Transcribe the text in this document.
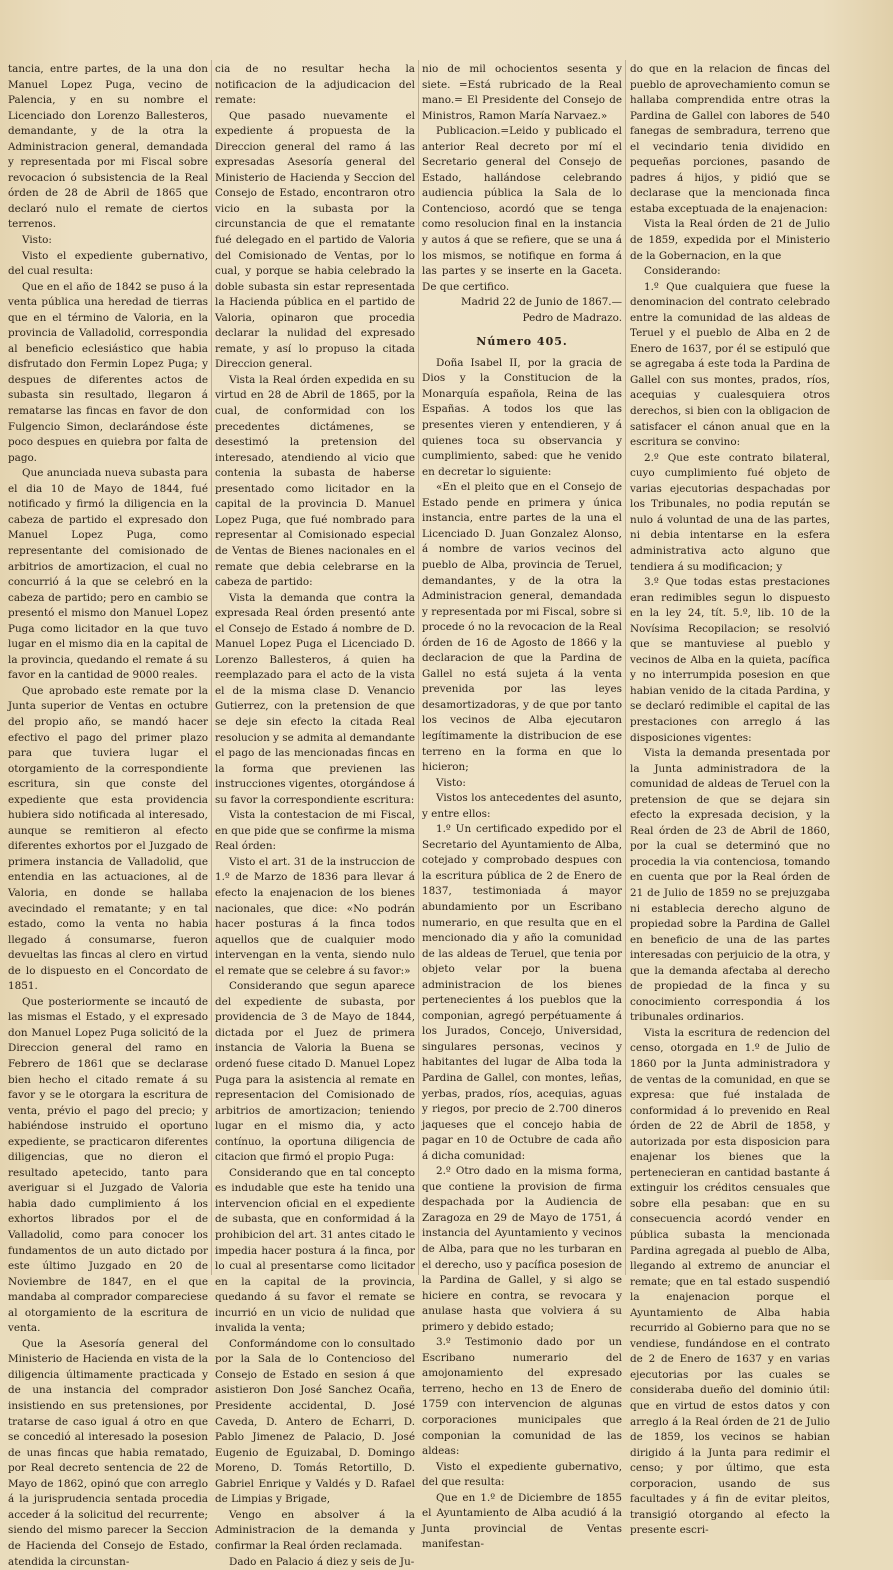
tancia, entre partes, de la una don Manuel Lopez Puga, vecino de Palencia, y en su nombre el Licenciado don Lorenzo Ballesteros, demandante, y de la otra la Administracion general, demandada y representada por mi Fiscal sobre revocacion ó subsistencia de la Real órden de 28 de Abril de 1865 que declaró nulo el remate de ciertos terrenos.

Visto:

Visto el expediente gubernativo, del cual resulta:

Que en el año de 1842 se puso á la venta pública una heredad de tierras que en el término de Valoria, en la provincia de Valladolid, correspondia al beneficio eclesiástico que habia disfrutado don Fermin Lopez Puga; y despues de diferentes actos de subasta sin resultado, llegaron á rematarse las fincas en favor de don Fulgencio Simon, declarándose éste poco despues en quiebra por falta de pago.

Que anunciada nueva subasta para el dia 10 de Mayo de 1844, fué notificado y firmó la diligencia en la cabeza de partido el expresado don Manuel Lopez Puga, como representante del comisionado de arbitrios de amortizacion, el cual no concurrió á la que se celebró en la cabeza de partido; pero en cambio se presentó el mismo don Manuel Lopez Puga como licitador en la que tuvo lugar en el mismo dia en la capital de la provincia, quedando el remate á su favor en la cantidad de 9000 reales.

Que aprobado este remate por la Junta superior de Ventas en octubre del propio año, se mandó hacer efectivo el pago del primer plazo para que tuviera lugar el otorgamiento de la correspondiente escritura, sin que conste del expediente que esta providencia hubiera sido notificada al interesado, aunque se remitieron al efecto diferentes exhortos por el Juzgado de primera instancia de Valladolid, que entendia en las actuaciones, al de Valoria, en donde se hallaba avecindado el rematante; y en tal estado, como la venta no habia llegado á consumarse, fueron devueltas las fincas al clero en virtud de lo dispuesto en el Concordato de 1851.

Que posteriormente se incautó de las mismas el Estado, y el expresado don Manuel Lopez Puga solicitó de la Direccion general del ramo en Febrero de 1861 que se declarase bien hecho el citado remate á su favor y se le otorgara la escritura de venta, prévio el pago del precio; y habiéndose instruido el oportuno expediente, se practicaron diferentes diligencias, que no dieron el resultado apetecido, tanto para averiguar si el Juzgado de Valoria habia dado cumplimiento á los exhortos librados por el de Valladolid, como para conocer los fundamentos de un auto dictado por este último Juzgado en 20 de Noviembre de 1847, en el que mandaba al comprador compareciese al otorgamiento de la escritura de venta.

Que la Asesoría general del Ministerio de Hacienda en vista de la diligencia últimamente practicada y de una instancia del comprador insistiendo en sus pretensiones, por tratarse de caso igual á otro en que se concedió al interesado la posesion de unas fincas que habia rematado, por Real decreto sentencia de 22 de Mayo de 1862, opinó que con arreglo á la jurisprudencia sentada procedia acceder á la solicitud del recurrente; siendo del mismo parecer la Seccion de Hacienda del Consejo de Estado, atendida la circunstan-

cia de no resultar hecha la notificacion de la adjudicacion del remate:

Que pasado nuevamente el expediente á propuesta de la Direccion general del ramo á las expresadas Asesoría general del Ministerio de Hacienda y Seccion del Consejo de Estado, encontraron otro vicio en la subasta por la circunstancia de que el rematante fué delegado en el partido de Valoria del Comisionado de Ventas, por lo cual, y porque se habia celebrado la doble subasta sin estar representada la Hacienda pública en el partido de Valoria, opinaron que procedia declarar la nulidad del expresado remate, y así lo propuso la citada Direccion general.

Vista la Real órden expedida en su virtud en 28 de Abril de 1865, por la cual, de conformidad con los precedentes dictámenes, se desestimó la pretension del interesado, atendiendo al vicio que contenia la subasta de haberse presentado como licitador en la capital de la provincia D. Manuel Lopez Puga, que fué nombrado para representar al Comisionado especial de Ventas de Bienes nacionales en el remate que debia celebrarse en la cabeza de partido:

Vista la demanda que contra la expresada Real órden presentó ante el Consejo de Estado á nombre de D. Manuel Lopez Puga el Licenciado D. Lorenzo Ballesteros, á quien ha reemplazado para el acto de la vista el de la misma clase D. Venancio Gutierrez, con la pretension de que se deje sin efecto la citada Real resolucion y se admita al demandante el pago de las mencionadas fincas en la forma que previenen las instrucciones vigentes, otorgándose á su favor la correspondiente escritura:

Vista la contestacion de mi Fiscal, en que pide que se confirme la misma Real órden:

Visto el art. 31 de la instruccion de 1.º de Marzo de 1836 para llevar á efecto la enajenacion de los bienes nacionales, que dice: «No podrán hacer posturas á la finca todos aquellos que de cualquier modo intervengan en la venta, siendo nulo el remate que se celebre á su favor:»

Considerando que segun aparece del expediente de subasta, por providencia de 3 de Mayo de 1844, dictada por el Juez de primera instancia de Valoria la Buena se ordenó fuese citado D. Manuel Lopez Puga para la asistencia al remate en representacion del Comisionado de arbitrios de amortizacion; teniendo lugar en el mismo dia, y acto contínuo, la oportuna diligencia de citacion que firmó el propio Puga:

Considerando que en tal concepto es indudable que este ha tenido una intervencion oficial en el expediente de subasta, que en conformidad á la prohibicion del art. 31 antes citado le impedia hacer postura á la finca, por lo cual al presentarse como licitador en la capital de la provincia, quedando á su favor el remate se incurrió en un vicio de nulidad que invalida la venta;

Conformándome con lo consultado por la Sala de lo Contencioso del Consejo de Estado en sesion á que asistieron Don José Sanchez Ocaña, Presidente accidental, D. José Caveda, D. Antero de Echarri, D. Pablo Jimenez de Palacio, D. José Eugenio de Eguizabal, D. Domingo Moreno, D. Tomás Retortillo, D. Gabriel Enrique y Valdés y D. Rafael de Limpias y Brigade,

Vengo en absolver á la Administracion de la demanda y confirmar la Real órden reclamada.

Dado en Palacio á diez y seis de Ju-

nio de mil ochocientos sesenta y siete. =Está rubricado de la Real mano.= El Presidente del Consejo de Ministros, Ramon María Narvaez.»

Publicacion.=Leido y publicado el anterior Real decreto por mí el Secretario general del Consejo de Estado, hallándose celebrando audiencia pública la Sala de lo Contencioso, acordó que se tenga como resolucion final en la instancia y autos á que se refiere, que se una á los mismos, se notifique en forma á las partes y se inserte en la Gaceta. De que certifico.

Madrid 22 de Junio de 1867.—Pedro de Madrazo.

Número 405.

Doña Isabel II, por la gracia de Dios y la Constitucion de la Monarquía española, Reina de las Españas. A todos los que las presentes vieren y entendieren, y á quienes toca su observancia y cumplimiento, sabed: que he venido en decretar lo siguiente:

«En el pleito que en el Consejo de Estado pende en primera y única instancia, entre partes de la una el Licenciado D. Juan Gonzalez Alonso, á nombre de varios vecinos del pueblo de Alba, provincia de Teruel, demandantes, y de la otra la Administracion general, demandada y representada por mi Fiscal, sobre si procede ó no la revocacion de la Real órden de 16 de Agosto de 1866 y la declaracion de que la Pardina de Gallel no está sujeta á la venta prevenida por las leyes desamortizadoras, y de que por tanto los vecinos de Alba ejecutaron legítimamente la distribucion de ese terreno en la forma en que lo hicieron;

Visto:

Vistos los antecedentes del asunto, y entre ellos:

1.º Un certificado expedido por el Secretario del Ayuntamiento de Alba, cotejado y comprobado despues con la escritura pública de 2 de Enero de 1837, testimoniada á mayor abundamiento por un Escribano numerario, en que resulta que en el mencionado dia y año la comunidad de las aldeas de Teruel, que tenia por objeto velar por la buena administracion de los bienes pertenecientes á los pueblos que la componian, agregó perpétuamente á los Jurados, Concejo, Universidad, singulares personas, vecinos y habitantes del lugar de Alba toda la Pardina de Gallel, con montes, leñas, yerbas, prados, ríos, acequias, aguas y riegos, por precio de 2.700 dineros jaqueses que el concejo habia de pagar en 10 de Octubre de cada año á dicha comunidad:

2.º Otro dado en la misma forma, que contiene la provision de firma despachada por la Audiencia de Zaragoza en 29 de Mayo de 1751, á instancia del Ayuntamiento y vecinos de Alba, para que no les turbaran en el derecho, uso y pacífica posesion de la Pardina de Gallel, y si algo se hiciere en contra, se revocara y anulase hasta que volviera á su primero y debido estado;

3.º Testimonio dado por un Escribano numerario del amojonamiento del expresado terreno, hecho en 13 de Enero de 1759 con intervencion de algunas corporaciones municipales que componian la comunidad de las aldeas:

Visto el expediente gubernativo, del que resulta:

Que en 1.º de Diciembre de 1855 el Ayuntamiento de Alba acudió á la Junta provincial de Ventas manifestan-

do que en la relacion de fincas del pueblo de aprovechamiento comun se hallaba comprendida entre otras la Pardina de Gallel con labores de 540 fanegas de sembradura, terreno que el vecindario tenia dividido en pequeñas porciones, pasando de padres á hijos, y pidió que se declarase que la mencionada finca estaba exceptuada de la enajenacion:

Vista la Real órden de 21 de Julio de 1859, expedida por el Ministerio de la Gobernacion, en la que

Considerando:

1.º Que cualquiera que fuese la denominacion del contrato celebrado entre la comunidad de las aldeas de Teruel y el pueblo de Alba en 2 de Enero de 1637, por él se estipuló que se agregaba á este toda la Pardina de Gallel con sus montes, prados, ríos, acequias y cualesquiera otros derechos, si bien con la obligacion de satisfacer el cánon anual que en la escritura se convino:

2.º Que este contrato bilateral, cuyo cumplimiento fué objeto de varias ejecutorias despachadas por los Tribunales, no podia repután se nulo á voluntad de una de las partes, ni debia intentarse en la esfera administrativa acto alguno que tendiera á su modificacion; y

3.º Que todas estas prestaciones eran redimibles segun lo dispuesto en la ley 24, tít. 5.º, lib. 10 de la Novísima Recopilacion; se resolvió que se mantuviese al pueblo y vecinos de Alba en la quieta, pacífica y no interrumpida posesion en que habian venido de la citada Pardina, y se declaró redimible el capital de las prestaciones con arreglo á las disposiciones vigentes:

Vista la demanda presentada por la Junta administradora de la comunidad de aldeas de Teruel con la pretension de que se dejara sin efecto la expresada decision, y la Real órden de 23 de Abril de 1860, por la cual se determinó que no procedia la via contenciosa, tomando en cuenta que por la Real órden de 21 de Julio de 1859 no se prejuzgaba ni establecia derecho alguno de propiedad sobre la Pardina de Gallel en beneficio de una de las partes interesadas con perjuicio de la otra, y que la demanda afectaba al derecho de propiedad de la finca y su conocimiento correspondia á los tribunales ordinarios.

Vista la escritura de redencion del censo, otorgada en 1.º de Julio de 1860 por la Junta administradora y de ventas de la comunidad, en que se expresa: que fué instalada de conformidad á lo prevenido en Real órden de 22 de Abril de 1858, y autorizada por esta disposicion para enajenar los bienes que la pertenecieran en cantidad bastante á extinguir los créditos censuales que sobre ella pesaban: que en su consecuencia acordó vender en pública subasta la mencionada Pardina agregada al pueblo de Alba, llegando al extremo de anunciar el remate; que en tal estado suspendió la enajenacion porque el Ayuntamiento de Alba habia recurrido al Gobierno para que no se vendiese, fundándose en el contrato de 2 de Enero de 1637 y en varias ejecutorias por las cuales se consideraba dueño del dominio útil: que en virtud de estos datos y con arreglo á la Real órden de 21 de Julio de 1859, los vecinos se habian dirigido á la Junta para redimir el censo; y por último, que esta corporacion, usando de sus facultades y á fin de evitar pleitos, transigió otorgando al efecto la presente escri-
